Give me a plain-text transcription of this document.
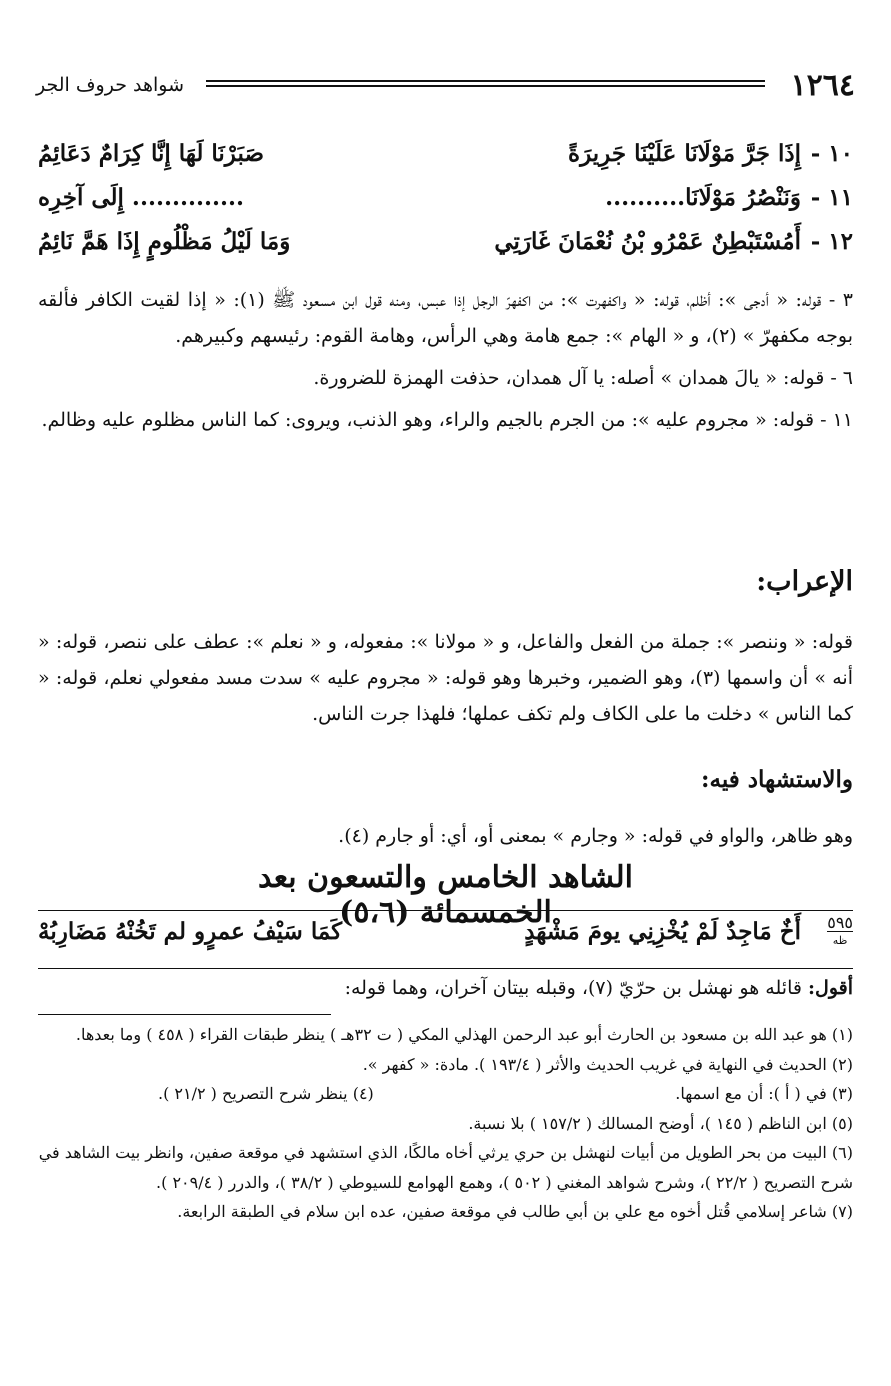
١٢٦٤
شواهد حروف الجر
١٠ -
إِذَا جَرَّ مَوْلَانَا عَلَيْنَا جَرِيرَةً
صَبَرْنَا لَهَا إِنَّا كِرَامٌ دَعَائِمُ
١١ -
وَنَنْصُرُ مَوْلَانَا..........
.............. إِلَى آخِرِه
١٢ -
أَمُسْتَبْطِنٌ عَمْرُو بْنُ نُعْمَانَ غَارَتِي
وَمَا لَيْلُ مَظْلُومٍ إِذَا هَمَّ نَائِمُ

٣ - قوله: « أدجى »: أظلم، قوله: « واكفهرت »: من اكفهرّ الرجل إذا عبس، ومنه قول ابن مسعود ﷺ (١): « إذا لقيت الكافر فألقه بوجه مكفهرّ » (٢)، و « الهام »: جمع هامة وهي الرأس، وهامة القوم: رئيسهم وكبيرهم.

٦ - قوله: « يالَ همدان » أصله: يا آل همدان، حذفت الهمزة للضرورة.

١١ - قوله: « مجروم عليه »: من الجرم بالجيم والراء، وهو الذنب، ويروى: كما الناس مظلوم عليه وظالم.

الإعراب:
قوله: « وننصر »: جملة من الفعل والفاعل، و « مولانا »: مفعوله، و « نعلم »: عطف على ننصر، قوله: « أنه » أن واسمها (٣)، وهو الضمير، وخبرها وهو قوله: « مجروم عليه » سدت مسد مفعولي نعلم، قوله: « كما الناس » دخلت ما على الكاف ولم تكف عملها؛ فلهذا جرت الناس.
والاستشهاد فيه:
وهو ظاهر، والواو في قوله: « وجارم » بمعنى أو، أي: أو جارم (٤).
الشاهد الخامس والتسعون بعد الخمسمائة (٥،٦)	٥٩٥
ظه
أَخٌ مَاجِدٌ لَمْ يُخْزِنِي يومَ مَشْهَدٍ
كَمَا سَيْفُ عمرٍو لم تَخُنْهُ مَضَارِبُهْ

أقول: قائله هو نهشل بن حرّيّ (٧)، وقبله بيتان آخران، وهما قوله:

(١) هو عبد الله بن مسعود بن الحارث أبو عبد الرحمن الهذلي المكي ( ت ٣٢هـ ) ينظر طبقات القراء ( ٤٥٨ ) وما بعدها.
(٢) الحديث في النهاية في غريب الحديث والأثر ( ١٩٣/٤ ). مادة: « كفهر ».
(٣) في ( أ ): أن مع اسمها.
(٤) ينظر شرح التصريح ( ٢١/٢ ).
(٥) ابن الناظم ( ١٤٥ )، أوضح المسالك ( ١٥٧/٢ ) بلا نسبة.
(٦) البيت من بحر الطويل من أبيات لنهشل بن حري يرثي أخاه مالكًا، الذي استشهد في موقعة صفين، وانظر بيت الشاهد في شرح التصريح ( ٢٢/٢ )، وشرح شواهد المغني ( ٥٠٢ )، وهمع الهوامع للسيوطي ( ٣٨/٢ )، والدرر ( ٢٠٩/٤ ).
(٧) شاعر إسلامي قُتل أخوه مع علي بن أبي طالب في موقعة صفين، عده ابن سلام في الطبقة الرابعة.
